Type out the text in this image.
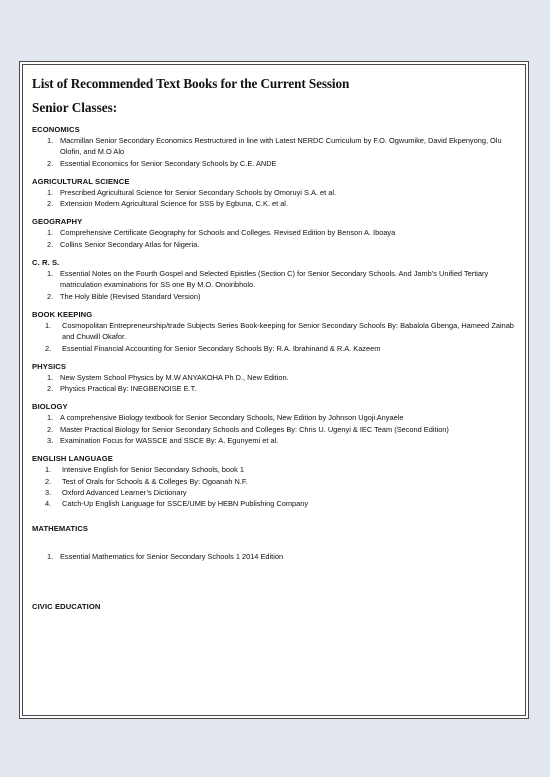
List of Recommended Text Books for the Current Session
Senior Classes:
ECONOMICS
1. Macmillan Senior Secondary Economics Restructured in line with Latest NERDC Curriculum by F.O. Ogwumike, David Ekpenyong, Olu Olofin, and M.O Alo
2. Essential Economics for Senior Secondary Schools by C.E. ANDE
AGRICULTURAL SCIENCE
1. Prescribed Agricultural Science for Senior Secondary Schools by Omoruyi S.A. et al.
2. Extension Modern Agricultural Science for SSS by Egbuna, C.K. et al.
GEOGRAPHY
1. Comprehensive Certificate Geography for Schools and Colleges. Revised Edition by Benson A. Iboaya
2. Collins Senior Secondary Atlas for Nigeria.
C. R. S.
1. Essential Notes on the Fourth Gospel and Selected Epistles (Section C) for Senior Secondary Schools. And Jamb’s Unified Tertiary matriculation examinations for SS one By M.O. Onoiribholo.
2. The Holy Bible (Revised Standard Version)
BOOK KEEPING
1. Cosmopolitan Entrepreneurship/trade Subjects Series Book-keeping for Senior Secondary Schools By: Babalola Gbenga, Hameed Zainab and Chuwill Okafor.
2. Essential Financial Accounting for Senior Secondary Schools By: R.A. Ibrahinand & R.A. Kazeem
PHYSICS
1. New System School Physics by M.W ANYAKOHA Ph D., New Edition.
2. Physics Practical By: INEGBENOISE E.T.
BIOLOGY
1. A comprehensive Biology textbook for Senior Secondary Schools, New Edition by Johnson Ugoji Anyaele
2. Master Practical Biology for Senior Secondary Schools and Colleges By: Chris U. Ugenyi & IEC Team (Second Edition)
3. Examination Focus for WASSCE and SSCE By: A. Egunyemi et al.
ENGLISH LANGUAGE
1. Intensive English for Senior Secondary Schools, book 1
2. Test of Orals for Schools & & Colleges By: Ogoanah N.F.
3. Oxford Advanced Learner’s Dictionary
4. Catch-Up English Language for SSCE/UME by HEBN Publishing Company
MATHEMATICS
1. Essential Mathematics for Senior Secondary Schools 1 2014 Edition
CIVIC EDUCATION
